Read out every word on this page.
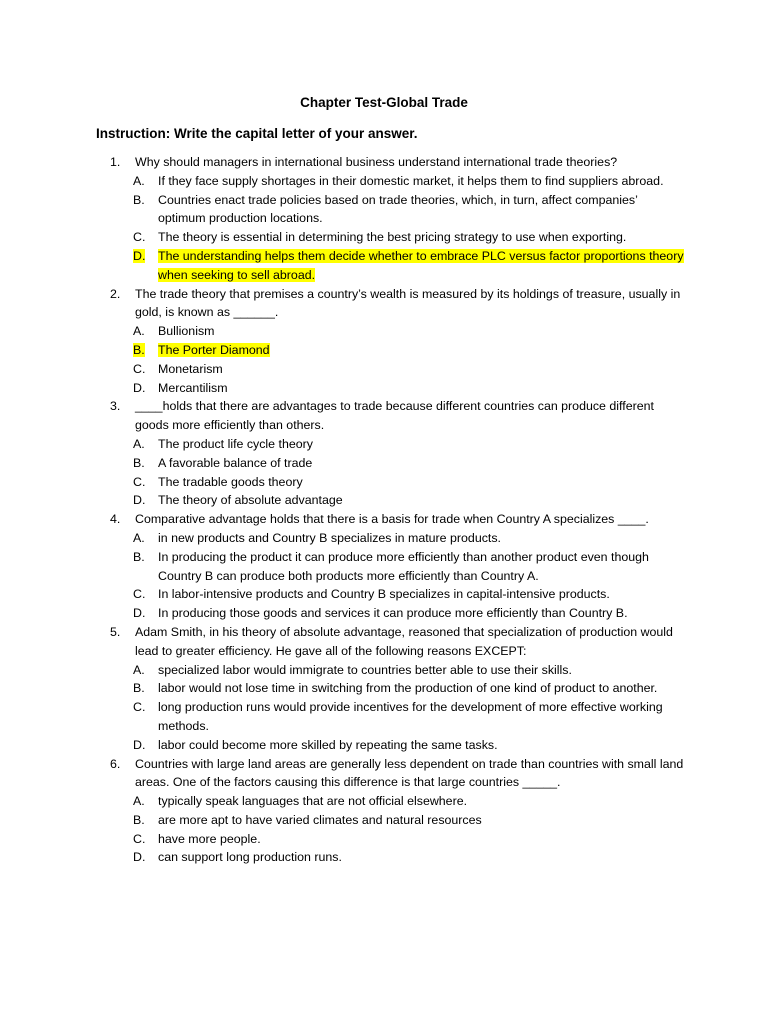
Chapter Test-Global Trade
Instruction: Write the capital letter of your answer.
1.	Why should managers in international business understand international trade theories?
A.	If they face supply shortages in their domestic market, it helps them to find suppliers abroad.
B.	Countries enact trade policies based on trade theories, which, in turn, affect companies’ optimum production locations.
C.	The theory is essential in determining the best pricing strategy to use when exporting.
D.	The understanding helps them decide whether to embrace PLC versus factor proportions theory when seeking to sell abroad.
2.	The trade theory that premises a country’s wealth is measured by its holdings of treasure, usually in gold, is known as ______.
A.	Bullionism
B.	The Porter Diamond
C.	Monetarism
D.	Mercantilism
3.	____holds that there are advantages to trade because different countries can produce different goods more efficiently than others.
A.	The product life cycle theory
B.	A favorable balance of trade
C.	The tradable goods theory
D.	The theory of absolute advantage
4.	Comparative advantage holds that there is a basis for trade when Country A specializes ____.
A.	in new products and Country B specializes in mature products.
B.	In producing the product it can produce more efficiently than another product even though Country B can produce both products more efficiently than Country A.
C.	In labor-intensive products and Country B specializes in capital-intensive products.
D.	In producing those goods and services it can produce more efficiently than Country B.
5.	Adam Smith, in his theory of absolute advantage, reasoned that specialization of production would lead to greater efficiency. He gave all of the following reasons EXCEPT:
A.	specialized labor would immigrate to countries better able to use their skills.
B.	labor would not lose time in switching from the production of one kind of product to another.
C.	long production runs would provide incentives for the development of more effective working methods.
D.	labor could become more skilled by repeating the same tasks.
6.	Countries with large land areas are generally less dependent on trade than countries with small land areas. One of the factors causing this difference is that large countries _____.
A.	typically speak languages that are not official elsewhere.
B.	are more apt to have varied climates and natural resources
C.	have more people.
D.	can support long production runs.
